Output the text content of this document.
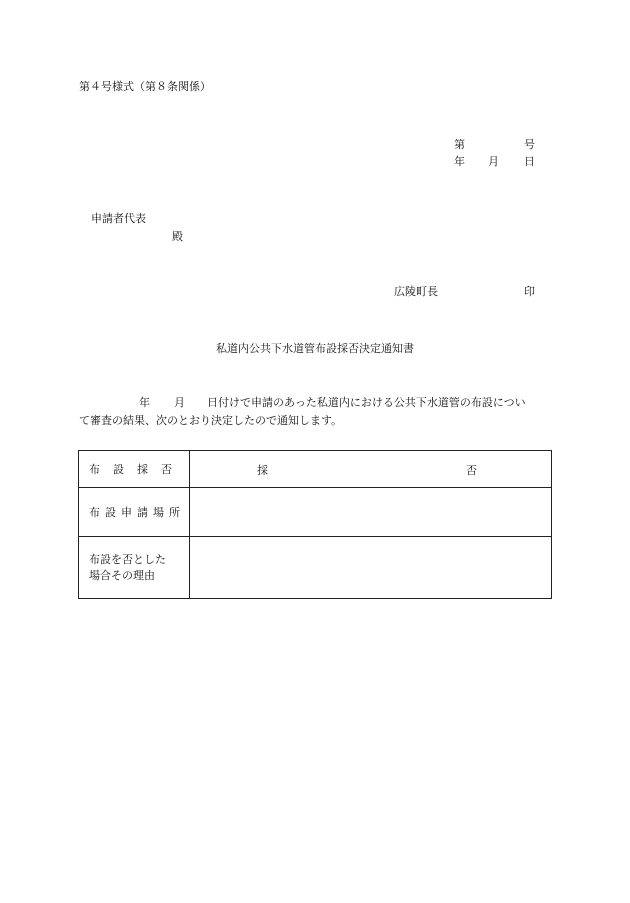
第４号様式（第８条関係）
第	号
年 月 日
申請者代表
殿
広陵町長	印
私道内公共下水道管布設採否決定通知書
年 月 日付けで申請のあった私道内における公共下水道管の布設につい
て審査の結果、次のとおり決定したので通知します。
布設採否	採 否

布設申請場所	

布設を否とした
場合その理由	
